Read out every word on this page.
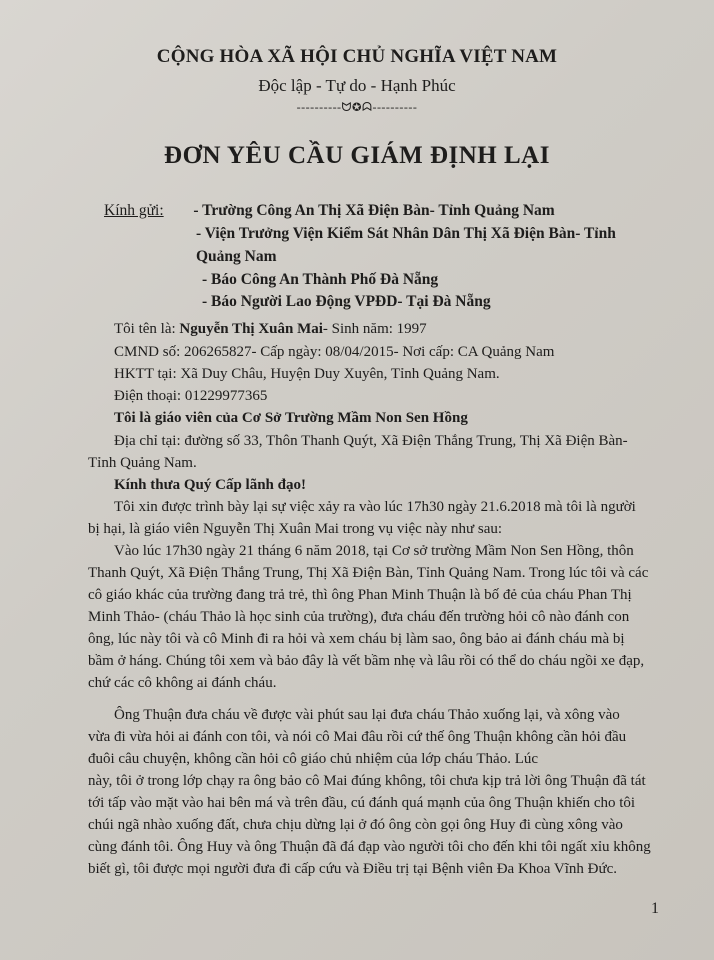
CỘNG HÒA XÃ HỘI CHỦ NGHĨA VIỆT NAM
Độc lập - Tự do - Hạnh Phúc
----------ᗢ✪ᗣ----------
ĐƠN YÊU CẦU GIÁM ĐỊNH LẠI
Kính gửi: - Trường Công An Thị Xã Điện Bàn- Tỉnh Quảng Nam
- Viện Trưởng Viện Kiểm Sát Nhân Dân Thị Xã Điện Bàn- Tỉnh
Quảng Nam
- Báo Công An Thành Phố Đà Nẵng
- Báo Người Lao Động VPĐD- Tại Đà Nẵng
Tôi tên là: Nguyễn Thị Xuân Mai- Sinh năm: 1997
CMND số: 206265827- Cấp ngày: 08/04/2015- Nơi cấp: CA Quảng Nam
HKTT tại: Xã Duy Châu, Huyện Duy Xuyên, Tỉnh Quảng Nam.
Điện thoại: 01229977365
Tôi là giáo viên của Cơ Sở Trường Mầm Non Sen Hồng
Địa chỉ tại: đường số 33, Thôn Thanh Quýt, Xã Điện Thắng Trung, Thị Xã Điện Bàn-
Tỉnh Quảng Nam.
Kính thưa Quý Cấp lãnh đạo!
Tôi xin được trình bày lại sự việc xảy ra vào lúc 17h30 ngày 21.6.2018 mà tôi là người
bị hại, là giáo viên Nguyễn Thị Xuân Mai trong vụ việc này như sau:
Vào lúc 17h30 ngày 21 tháng 6 năm 2018, tại Cơ sở trường Mầm Non Sen Hồng, thôn
Thanh Quýt, Xã Điện Thắng Trung, Thị Xã Điện Bàn, Tỉnh Quảng Nam. Trong lúc tôi và các
cô giáo khác của trường đang trả trẻ, thì ông Phan Minh Thuận là bố đẻ của cháu Phan Thị
Minh Thảo- (cháu Thảo là học sinh của trường), đưa cháu đến trường hỏi cô nào đánh con
ông, lúc này tôi và cô Minh đi ra hỏi và xem cháu bị làm sao, ông bảo ai đánh cháu mà bị
bầm ở háng. Chúng tôi xem và bảo đây là vết bầm nhẹ và lâu rồi có thể do cháu ngồi xe đạp,
chứ các cô không ai đánh cháu.
Ông Thuận đưa cháu về được vài phút sau lại đưa cháu Thảo xuống lại, và xông vào
vừa đi vừa hỏi ai đánh con tôi, và nói cô Mai đâu rồi cứ thế ông Thuận không cần hỏi đầu
đuôi câu chuyện, không cần hỏi cô giáo chủ nhiệm của lớp cháu Thảo. Lúc
này, tôi ở trong lớp chạy ra ông bảo cô Mai đúng không, tôi chưa kịp trả lời ông Thuận đã tát
tới tấp vào mặt vào hai bên má và trên đầu, cú đánh quá mạnh của ông Thuận khiến cho tôi
chúi ngã nhào xuống đất, chưa chịu dừng lại ở đó ông còn gọi ông Huy đi cùng xông vào
cùng đánh tôi. Ông Huy và ông Thuận đã đá đạp vào người tôi cho đến khi tôi ngất xỉu không
biết gì, tôi được mọi người đưa đi cấp cứu và Điều trị tại Bệnh viên Đa Khoa Vĩnh Đức.
1
